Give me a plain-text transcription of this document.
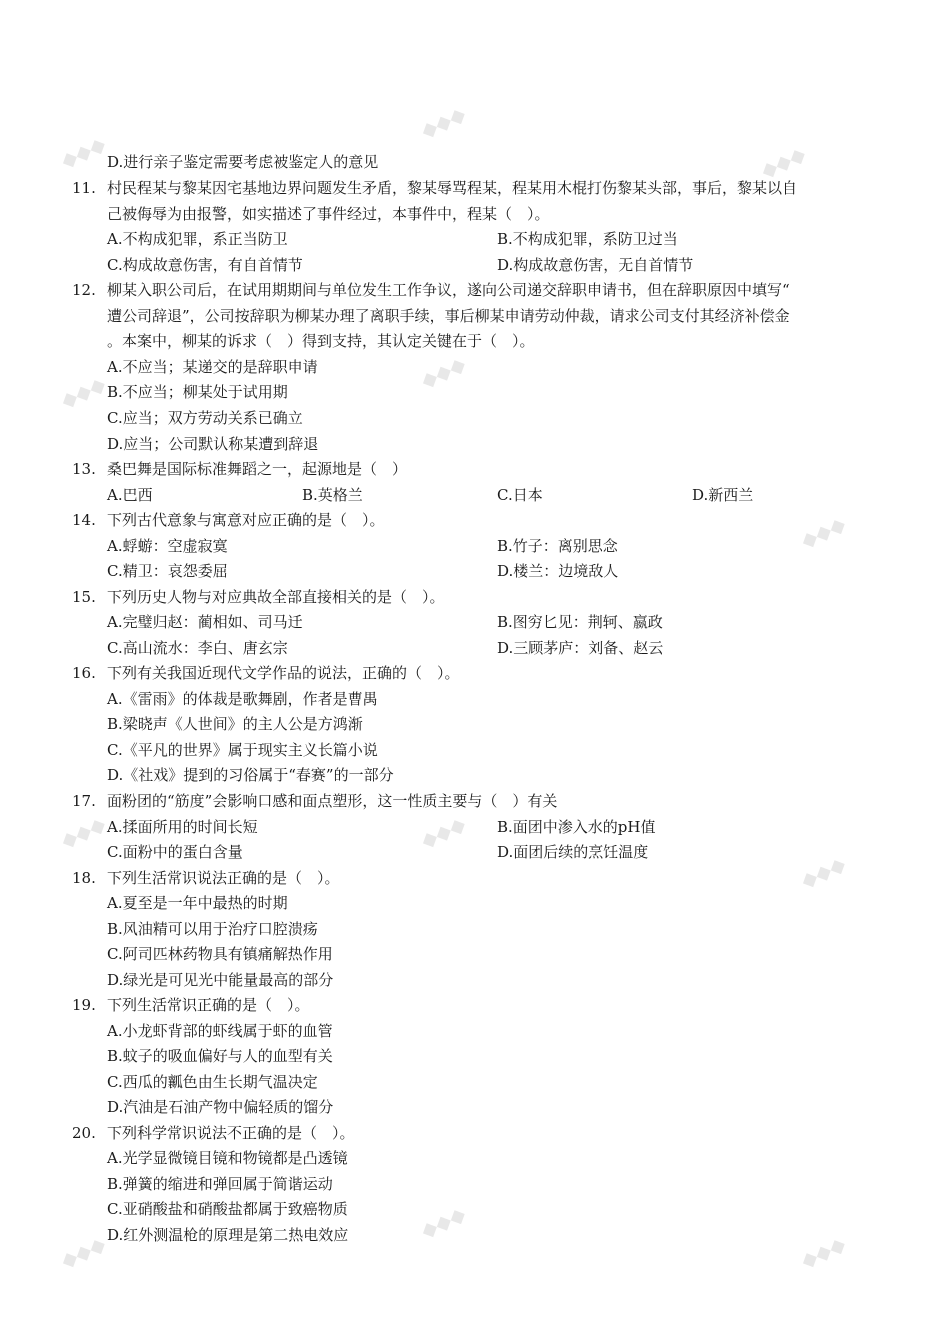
◆◆◆
◆◆◆
◆◆◆
◆◆◆	◆◆◆
◆◆◆
◆◆◆	◆◆◆
◆◆◆
◆◆◆
◆◆◆
◆◆◆
D.进行亲子鉴定需要考虑被鉴定人的意见
11. 村民程某与黎某因宅基地边界问题发生矛盾，黎某辱骂程某，程某用木棍打伤黎某头部，事后，黎某以自
己被侮辱为由报警，如实描述了事件经过，本事件中，程某（　）。
A.不构成犯罪，系正当防卫	B.不构成犯罪，系防卫过当
C.构成故意伤害，有自首情节	D.构成故意伤害，无自首情节
12. 柳某入职公司后，在试用期期间与单位发生工作争议，遂向公司递交辞职申请书，但在辞职原因中填写“
遭公司辞退”，公司按辞职为柳某办理了离职手续，事后柳某申请劳动仲裁，请求公司支付其经济补偿金
。本案中，柳某的诉求（　）得到支持，其认定关键在于（　）。
A.不应当；某递交的是辞职申请
B.不应当；柳某处于试用期
C.应当；双方劳动关系已确立
D.应当；公司默认称某遭到辞退
13. 桑巴舞是国际标准舞蹈之一，起源地是（　）
A.巴西	B.英格兰	C.日本	D.新西兰
14. 下列古代意象与寓意对应正确的是（　）。
A.蜉蝣：空虚寂寞	B.竹子：离别思念
C.精卫：哀怨委屈	D.楼兰：边境敌人
15. 下列历史人物与对应典故全部直接相关的是（　）。
A.完璧归赵：蔺相如、司马迁	B.图穷匕见：荆轲、嬴政
C.高山流水：李白、唐玄宗	D.三顾茅庐：刘备、赵云
16. 下列有关我国近现代文学作品的说法，正确的（　）。
A.《雷雨》的体裁是歌舞剧，作者是曹禺
B.梁晓声《人世间》的主人公是方鸿渐
C.《平凡的世界》属于现实主义长篇小说
D.《社戏》提到的习俗属于“春赛”的一部分
17. 面粉团的“筋度”会影响口感和面点塑形，这一性质主要与（　）有关
A.揉面所用的时间长短	B.面团中渗入水的pH值
C.面粉中的蛋白含量	D.面团后续的烹饪温度
18. 下列生活常识说法正确的是（　）。
A.夏至是一年中最热的时期
B.风油精可以用于治疗口腔溃疡
C.阿司匹林药物具有镇痛解热作用
D.绿光是可见光中能量最高的部分
19. 下列生活常识正确的是（　）。
A.小龙虾背部的虾线属于虾的血管
B.蚊子的吸血偏好与人的血型有关
C.西瓜的瓤色由生长期气温决定
D.汽油是石油产物中偏轻质的馏分
20. 下列科学常识说法不正确的是（　）。
A.光学显微镜目镜和物镜都是凸透镜
B.弹簧的缩进和弹回属于简谐运动
C.亚硝酸盐和硝酸盐都属于致癌物质
D.红外测温枪的原理是第二热电效应
